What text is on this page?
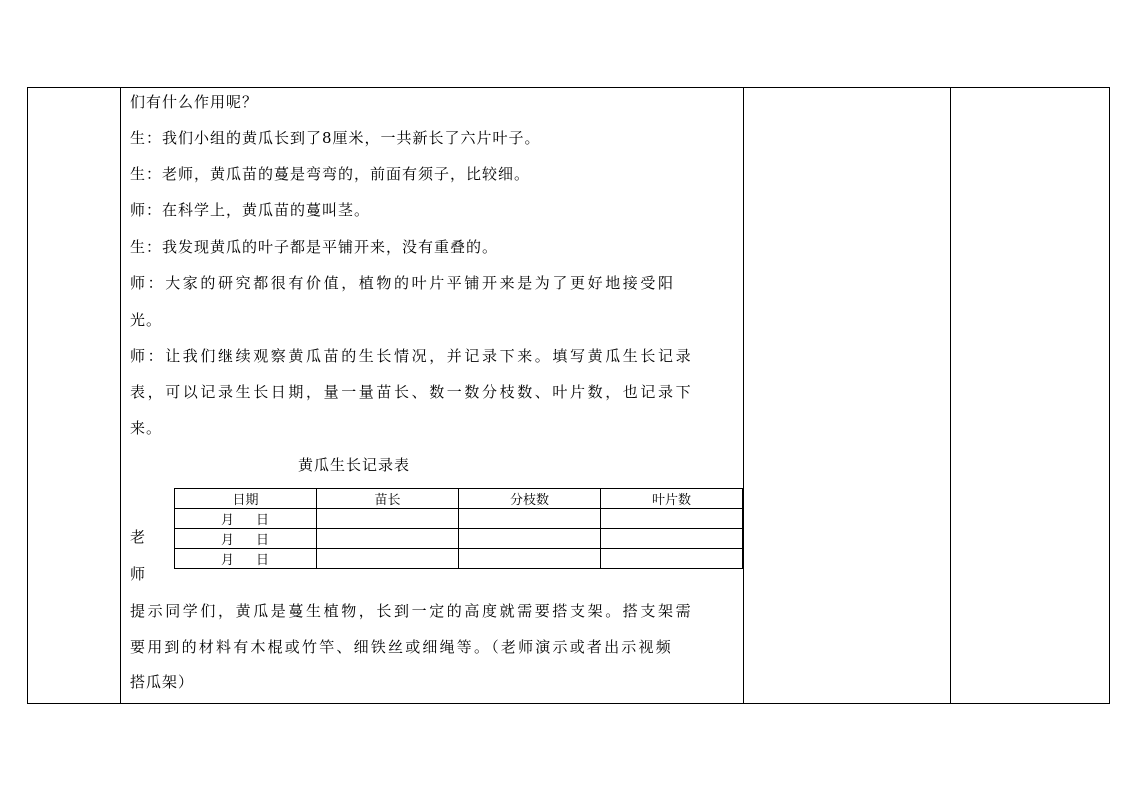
们有什么作用呢？
生：我们小组的黄瓜长到了8厘米，一共新长了六片叶子。
生：老师，黄瓜苗的蔓是弯弯的，前面有须子，比较细。
师：在科学上，黄瓜苗的蔓叫茎。
生：我发现黄瓜的叶子都是平铺开来，没有重叠的。
师：大家的研究都很有价值，植物的叶片平铺开来是为了更好地接受阳
光。
师：让我们继续观察黄瓜苗的生长情况，并记录下来。填写黄瓜生长记录
表，可以记录生长日期，量一量苗长、数一数分枝数、叶片数，也记录下
来。
黄瓜生长记录表
老
师
日期	苗长	分枝数	叶片数
月 日			
月 日			
月 日			
提示同学们，黄瓜是蔓生植物，长到一定的高度就需要搭支架。搭支架需
要用到的材料有木棍或竹竿、细铁丝或细绳等。（老师演示或者出示视频
搭瓜架）
